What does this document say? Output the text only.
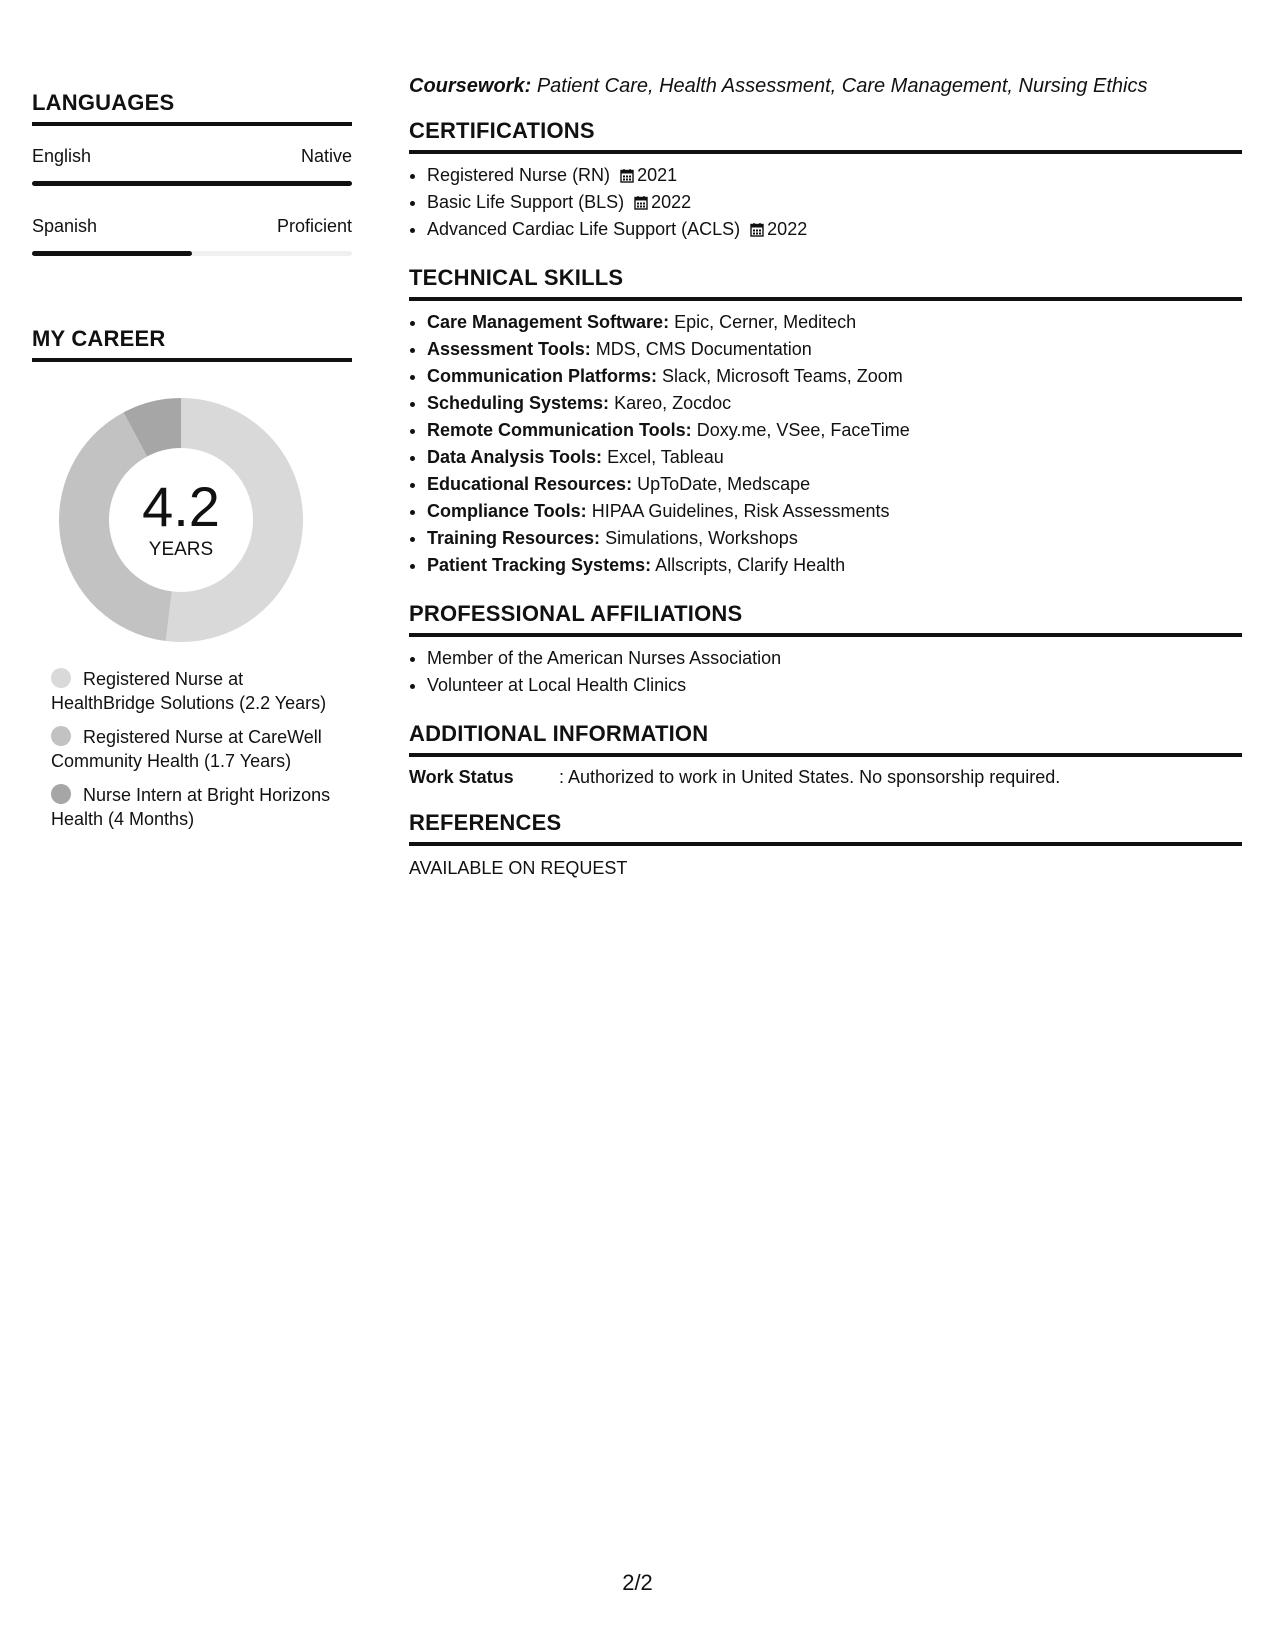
LANGUAGES
English	Native
Spanish	Proficient
MY CAREER
4.2
YEARS
Registered Nurse at HealthBridge Solutions (2.2 Years)
Registered Nurse at CareWell Community Health (1.7 Years)
Nurse Intern at Bright Horizons Health (4 Months)
Coursework: Patient Care, Health Assessment, Care Management, Nursing Ethics
CERTIFICATIONS
• Registered Nurse (RN) 2021
• Basic Life Support (BLS) 2022
• Advanced Cardiac Life Support (ACLS) 2022
TECHNICAL SKILLS
• Care Management Software: Epic, Cerner, Meditech
• Assessment Tools: MDS, CMS Documentation
• Communication Platforms: Slack, Microsoft Teams, Zoom
• Scheduling Systems: Kareo, Zocdoc
• Remote Communication Tools: Doxy.me, VSee, FaceTime
• Data Analysis Tools: Excel, Tableau
• Educational Resources: UpToDate, Medscape
• Compliance Tools: HIPAA Guidelines, Risk Assessments
• Training Resources: Simulations, Workshops
• Patient Tracking Systems: Allscripts, Clarify Health
PROFESSIONAL AFFILIATIONS
• Member of the American Nurses Association
• Volunteer at Local Health Clinics
ADDITIONAL INFORMATION
Work Status	: Authorized to work in United States. No sponsorship required.
REFERENCES
AVAILABLE ON REQUEST
2/2
